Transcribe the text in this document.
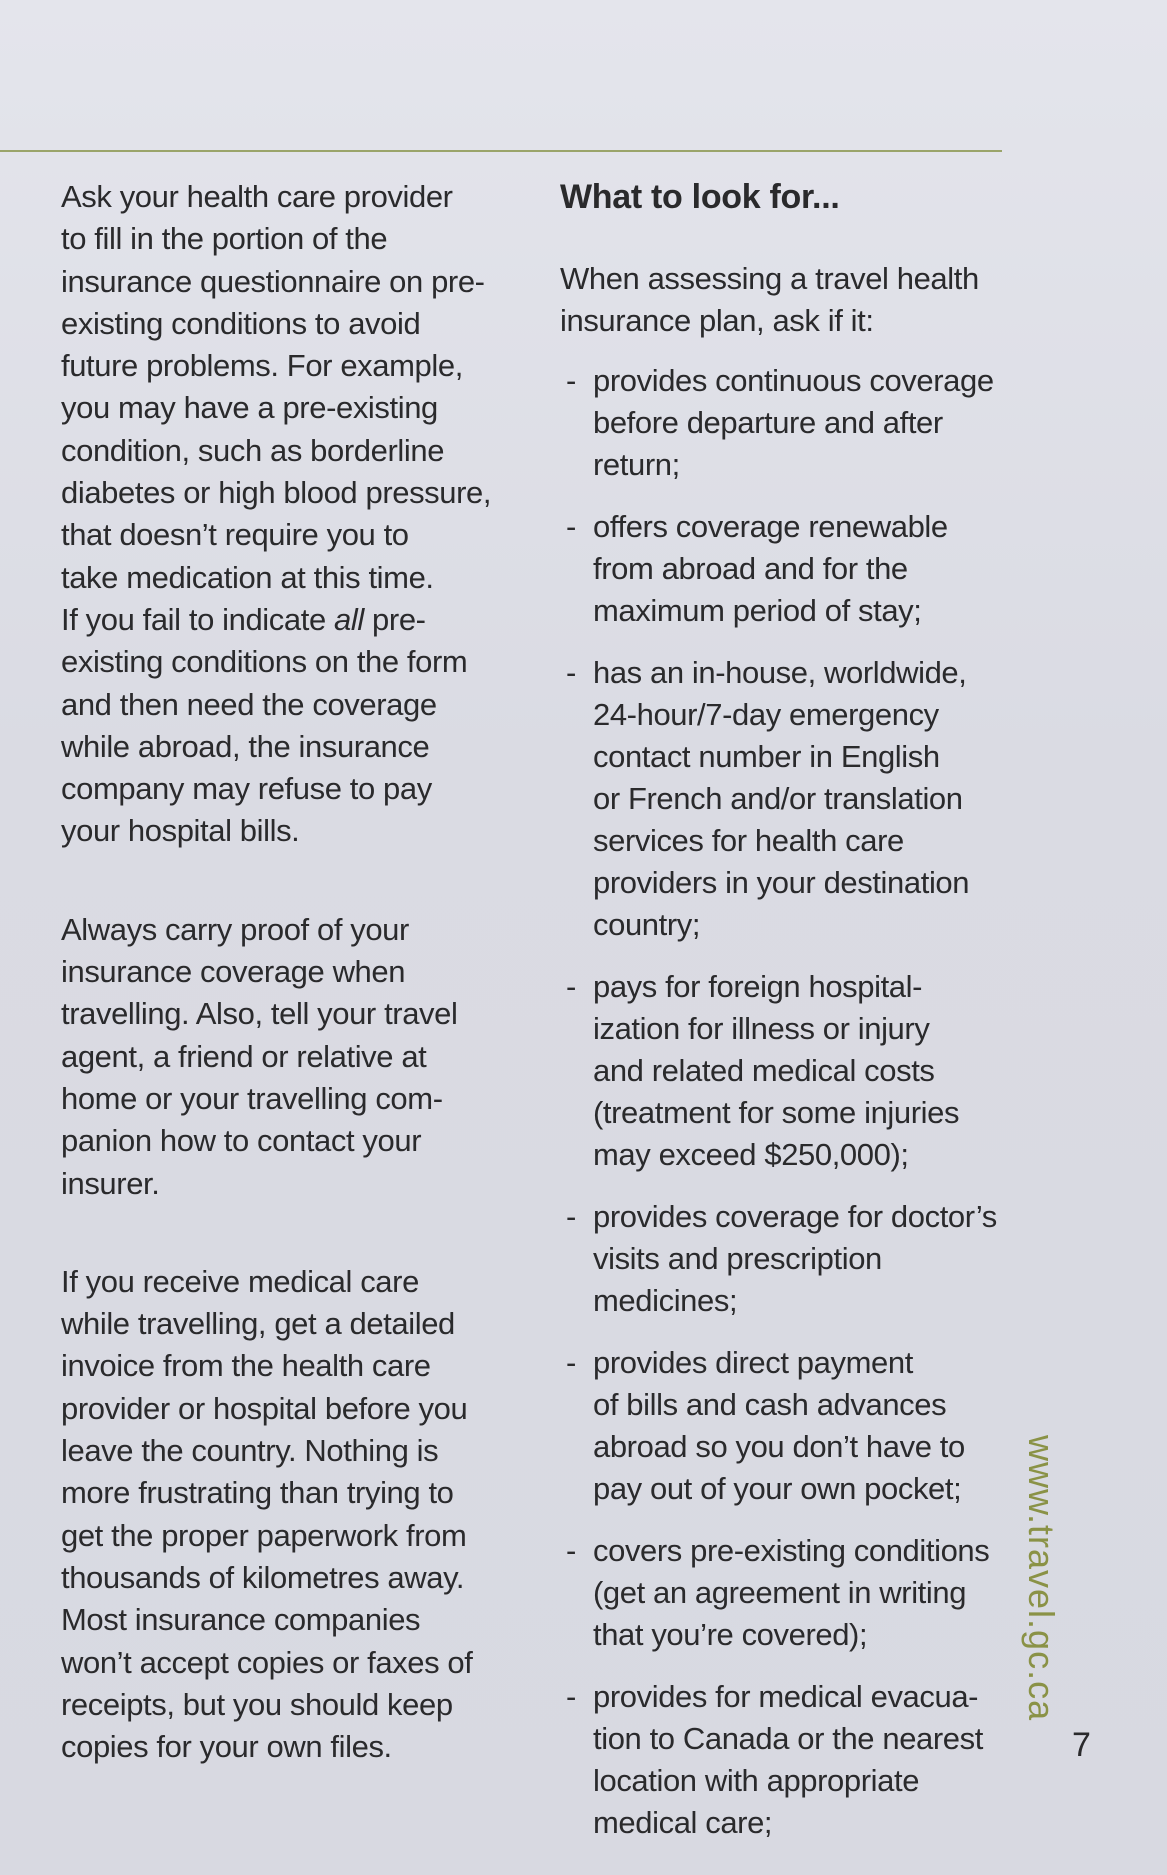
Ask your health care provider
to fill in the portion of the
insurance questionnaire on pre-
existing conditions to avoid
future problems. For example,
you may have a pre-existing
condition, such as borderline
diabetes or high blood pressure,
that doesn’t require you to
take medication at this time.
If you fail to indicate all pre-
existing conditions on the form
and then need the coverage
while abroad, the insurance
company may refuse to pay
your hospital bills.

Always carry proof of your
insurance coverage when
travelling. Also, tell your travel
agent, a friend or relative at
home or your travelling com-
panion how to contact your
insurer.

If you receive medical care
while travelling, get a detailed
invoice from the health care
provider or hospital before you
leave the country. Nothing is
more frustrating than trying to
get the proper paperwork from
thousands of kilometres away.
Most insurance companies
won’t accept copies or faxes of
receipts, but you should keep
copies for your own files.

What to look for...

When assessing a travel health
insurance plan, ask if it:

- provides continuous coverage
before departure and after
return;
- offers coverage renewable
from abroad and for the
maximum period of stay;
- has an in-house, worldwide,
24-hour/7-day emergency
contact number in English
or French and/or translation
services for health care
providers in your destination
country;
- pays for foreign hospital-
ization for illness or injury
and related medical costs
(treatment for some injuries
may exceed $250,000);
- provides coverage for doctor’s
visits and prescription
medicines;
- provides direct payment
of bills and cash advances
abroad so you don’t have to
pay out of your own pocket;
- covers pre-existing conditions
(get an agreement in writing
that you’re covered);
- provides for medical evacua-
tion to Canada or the nearest
location with appropriate
medical care;
www.travel.gc.ca
7
